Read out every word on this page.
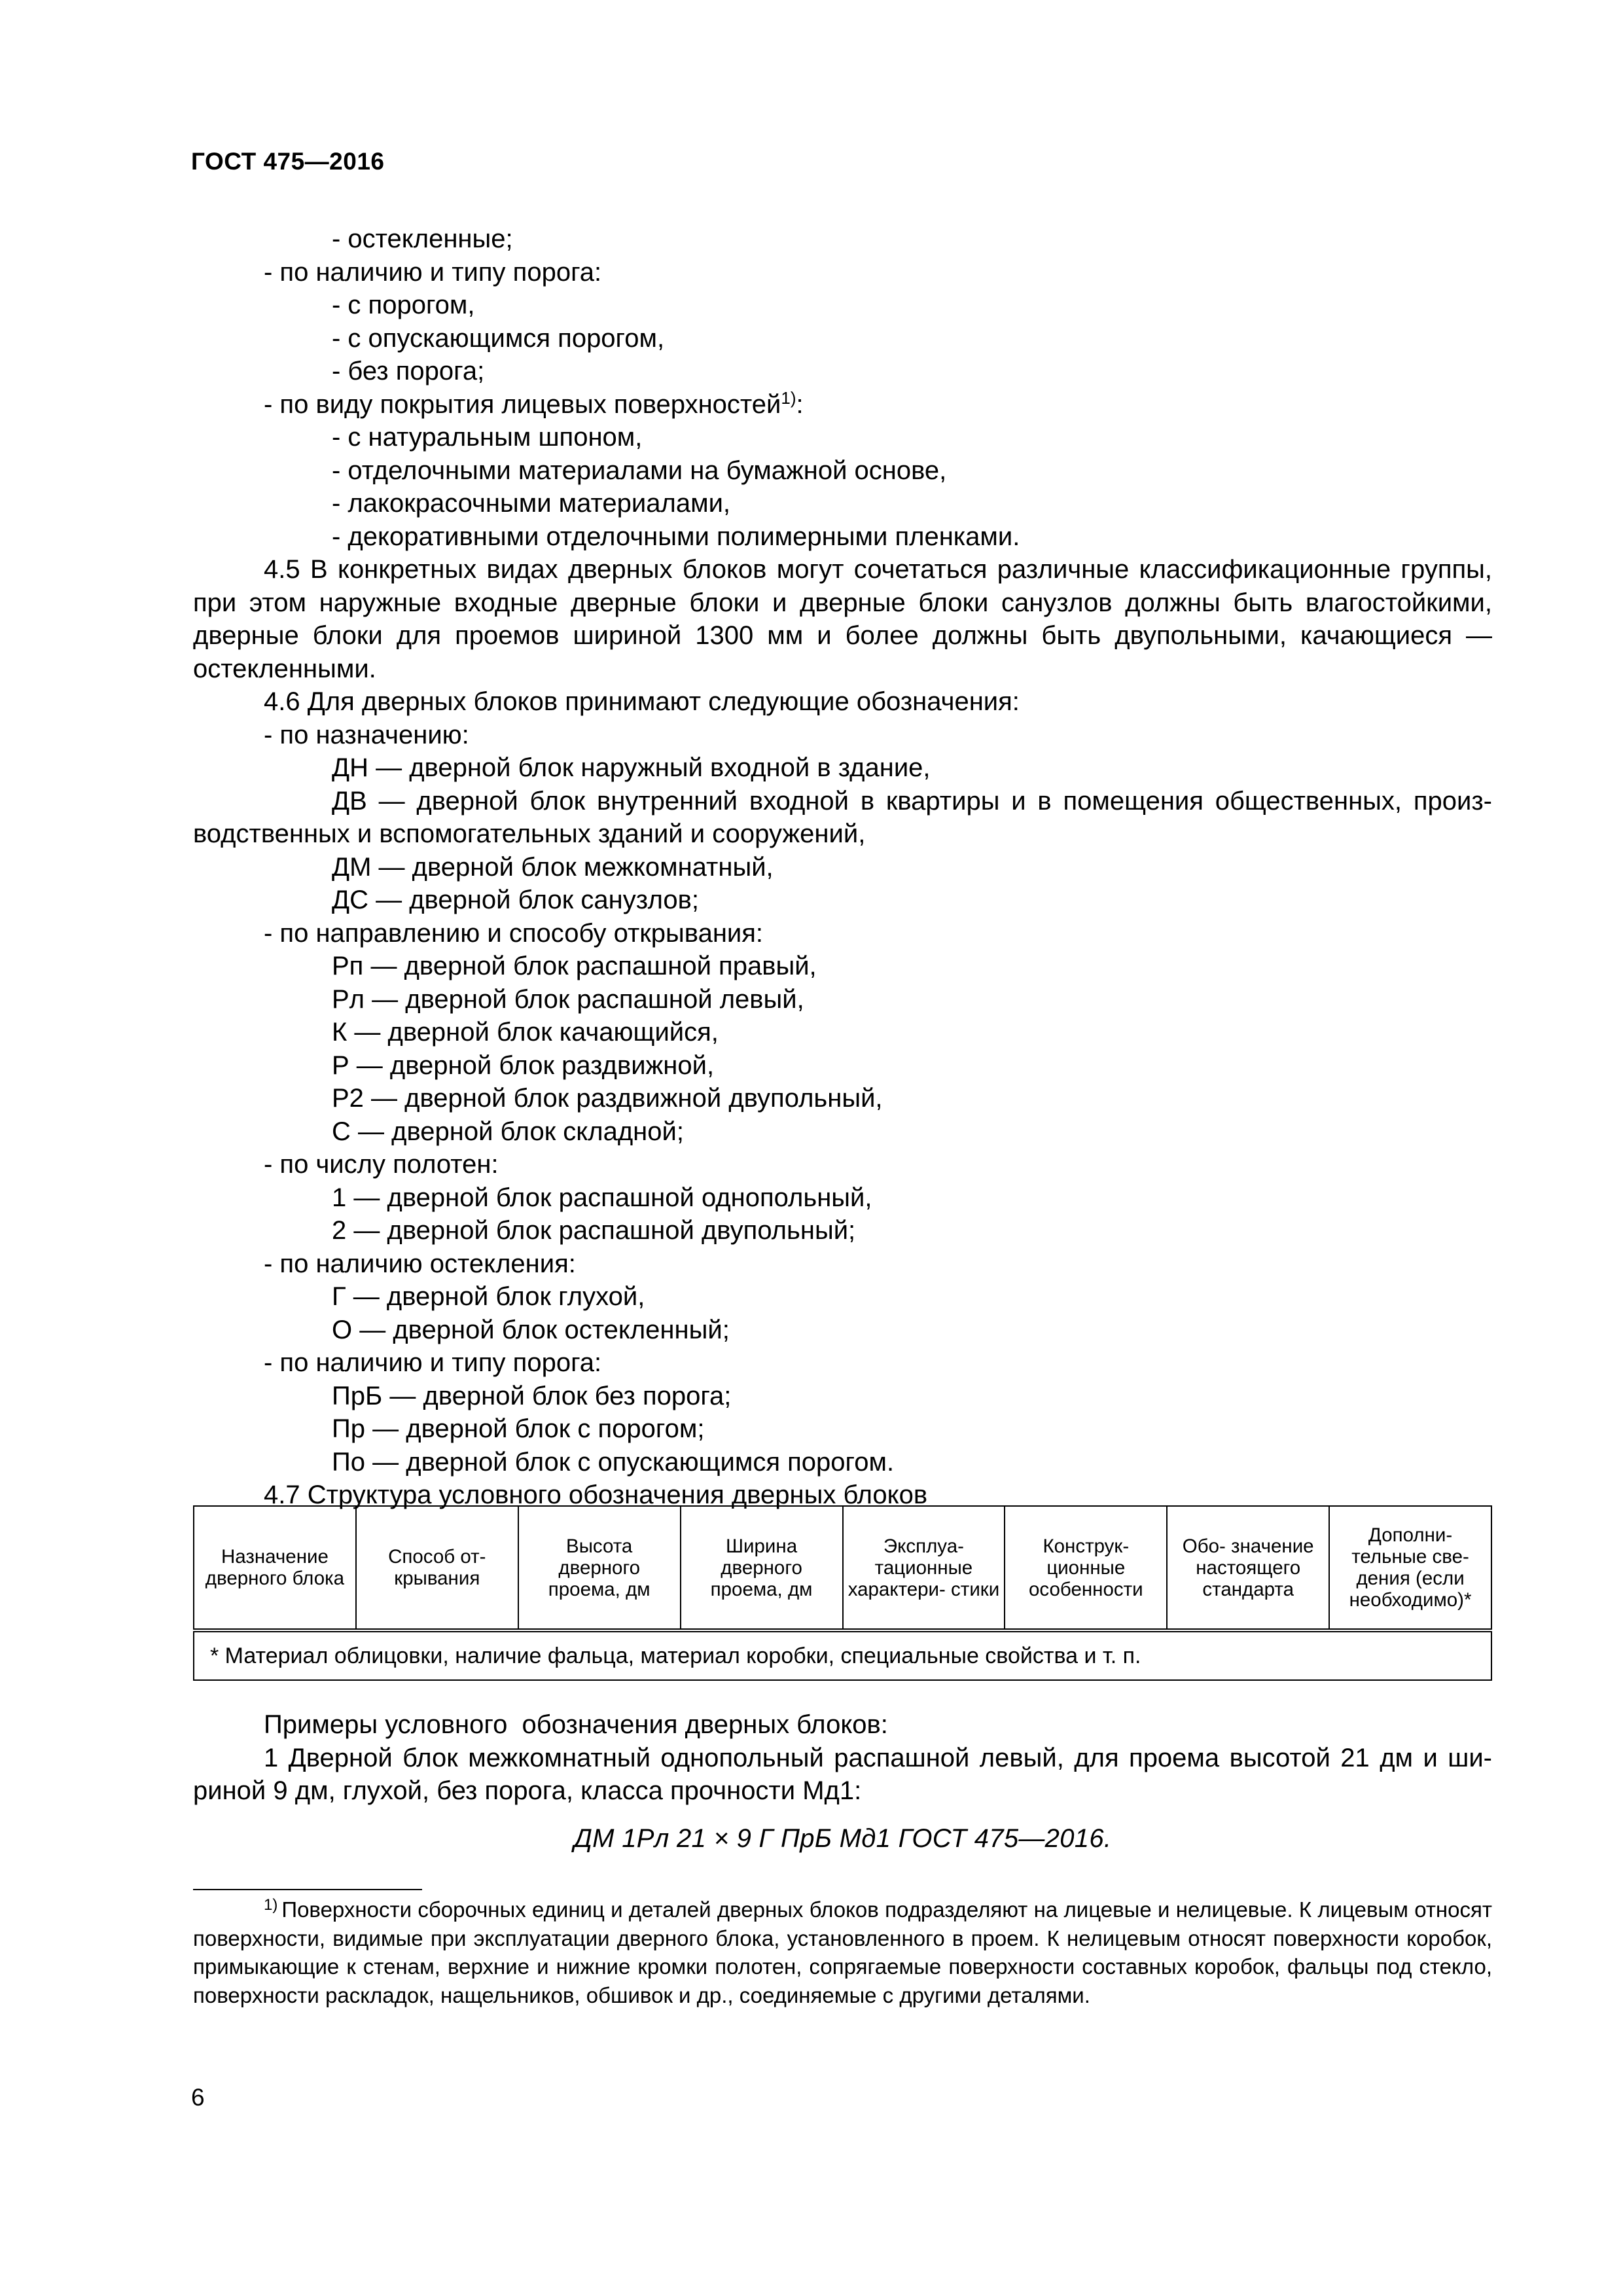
ГОСТ 475—2016
- остекленные;
- по наличию и типу порога:
- с порогом,
- с опускающимся порогом,
- без порога;
- по виду покрытия лицевых поверхностей$^{1)}$:
- с натуральным шпоном,
- отделочными материалами на бумажной основе,
- лакокрасочными материалами,
- декоративными отделочными полимерными пленками.
4.5 В конкретных видах дверных блоков могут сочетаться различные классификационные группы, при этом наружные входные дверные блоки и дверные блоки санузлов должны быть влагостойкими, дверные блоки для проемов шириной 1300 мм и более должны быть двупольными, качающиеся — остекленными.
4.6 Для дверных блоков принимают следующие обозначения:
- по назначению:
ДН — дверной блок наружный входной в здание,
ДВ — дверной блок внутренний входной в квартиры и в помещения общественных, произ-
водственных и вспомогательных зданий и сооружений,
ДМ — дверной блок межкомнатный,
ДС — дверной блок санузлов;
- по направлению и способу открывания:
Рп — дверной блок распашной правый,
Рл — дверной блок распашной левый,
К — дверной блок качающийся,
Р — дверной блок раздвижной,
Р2 — дверной блок раздвижной двупольный,
С — дверной блок складной;
- по числу полотен:
1 — дверной блок распашной однопольный,
2 — дверной блок распашной двупольный;
- по наличию остекления:
Г — дверной блок глухой,
О — дверной блок остекленный;
- по наличию и типу порога:
ПрБ — дверной блок без порога;
Пр — дверной блок с порогом;
По — дверной блок с опускающимся порогом.
4.7 Структура условного обозначения дверных блоков
Назначение дверного блока	Способ от- крывания	Высота дверного проема, дм	Ширина дверного проема, дм	Эксплуа- тационные характери- стики	Конструк- ционные особенности	Обо- значение настоящего стандарта	Дополни- тельные све- дения (если необходимо)*
* Материал облицовки, наличие фальца, материал коробки, специальные свойства и т. п.
Примеры условного  обозначения дверных блоков:
1 Дверной блок межкомнатный однопольный распашной левый, для проема высотой 21 дм и ши-
риной 9 дм, глухой, без порога, класса прочности Мд1:
ДМ 1Рл 21 × 9 Г ПрБ Мд1 ГОСТ 475—2016.
$^{1)}$ Поверхности сборочных единиц и деталей дверных блоков подразделяют на лицевые и нелицевые. К лицевым относят поверхности, видимые при эксплуатации дверного блока, установленного в проем. К нелицевым относят поверхности коробок, примыкающие к стенам, верхние и нижние кромки полотен, сопрягаемые поверхности составных коробок, фальцы под стекло, поверхности раскладок, нащельников, обшивок и др., соединяемые с другими деталями.
6
